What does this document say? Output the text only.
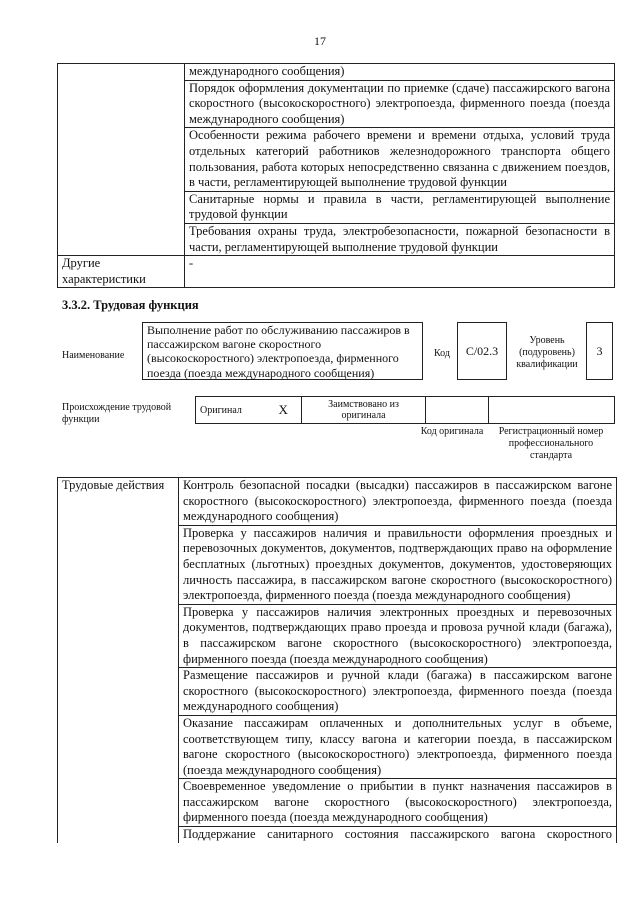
17
	международного сообщения)
	Порядок оформления документации по приемке (сдаче) пассажирского вагона скоростного (высокоскоростного) электропоезда, фирменного поезда (поезда международного сообщения)
	Особенности режима рабочего времени и времени отдыха, условий труда отдельных категорий работников железнодорожного транспорта общего пользования, работа которых непосредственно связанна с движением поездов, в части, регламентирующей выполнение трудовой функции
	Санитарные нормы и правила в части, регламентирующей выполнение трудовой функции
	Требования охраны труда, электробезопасности, пожарной безопасности в части, регламентирующей выполнение трудовой функции
Другие характеристики	-
3.3.2. Трудовая функция
Наименование
Выполнение работ по обслуживанию пассажиров в пассажирском вагоне скоростного (высокоскоростного) электропоезда, фирменного поезда (поезда международного сообщения)
Код C/02.3
Уровень (подуровень) квалификации
3
Происхождение трудовой функции
Оригинал	X	Заимствовано из оригинала		
Код оригинала	Регистрационный номер профессионального стандарта
Трудовые действия	Контроль безопасной посадки (высадки) пассажиров в пассажирском вагоне скоростного (высокоскоростного) электропоезда, фирменного поезда (поезда международного сообщения)
Проверка у пассажиров наличия и правильности оформления проездных и перевозочных документов, документов, подтверждающих право на оформление бесплатных (льготных) проездных документов, документов, удостоверяющих личность пассажира, в пассажирском вагоне скоростного (высокоскоростного) электропоезда, фирменного поезда (поезда международного сообщения)
Проверка у пассажиров наличия электронных проездных и перевозочных документов, подтверждающих право проезда и провоза ручной клади (багажа), в пассажирском вагоне скоростного (высокоскоростного) электропоезда, фирменного поезда (поезда международного сообщения)
Размещение пассажиров и ручной клади (багажа) в пассажирском вагоне скоростного (высокоскоростного) электропоезда, фирменного поезда (поезда международного сообщения)
Оказание пассажирам оплаченных и дополнительных услуг в объеме, соответствующем типу, классу вагона и категории поезда, в пассажирском вагоне скоростного (высокоскоростного) электропоезда, фирменного поезда (поезда международного сообщения)
Своевременное уведомление о прибытии в пункт назначения пассажиров в пассажирском вагоне скоростного (высокоскоростного) электропоезда, фирменного поезда (поезда международного сообщения)
Поддержание санитарного состояния пассажирского вагона скоростного
